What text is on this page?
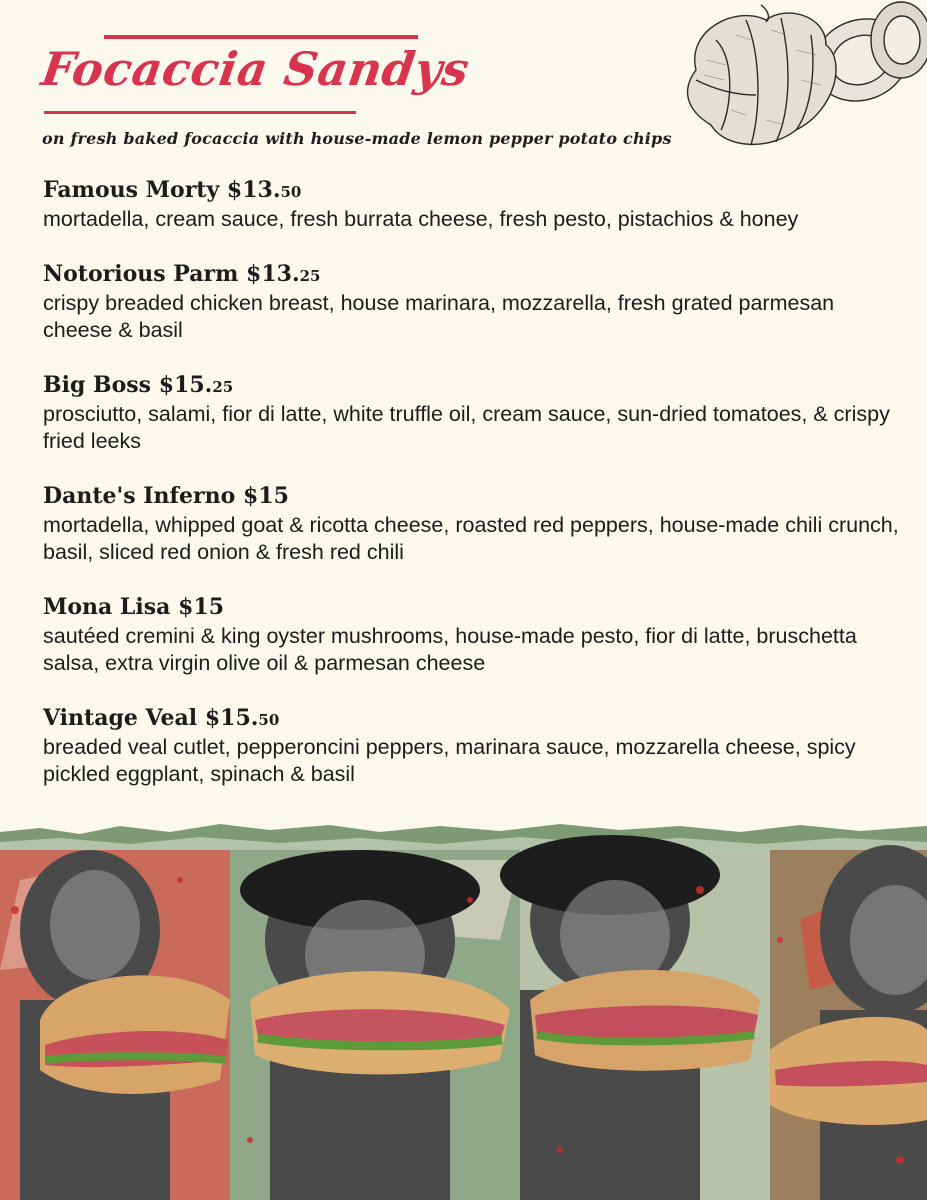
Focaccia Sandys
on fresh baked focaccia with house-made lemon pepper potato chips
Famous Morty $13.50
mortadella, cream sauce, fresh burrata cheese, fresh pesto, pistachios & honey
Notorious Parm $13.25
crispy breaded chicken breast, house marinara, mozzarella, fresh grated parmesan cheese & basil
Big Boss $15.25
prosciutto, salami, fior di latte, white truffle oil, cream sauce, sun-dried tomatoes, & crispy fried leeks
Dante's Inferno $15
mortadella, whipped goat & ricotta cheese, roasted red peppers, house-made chili crunch, basil, sliced red onion & fresh red chili
Mona Lisa $15
sautéed cremini & king oyster mushrooms, house-made pesto, fior di latte, bruschetta salsa, extra virgin olive oil & parmesan cheese
Vintage Veal $15.50
breaded veal cutlet, pepperoncini peppers, marinara sauce, mozzarella cheese, spicy pickled eggplant, spinach & basil
